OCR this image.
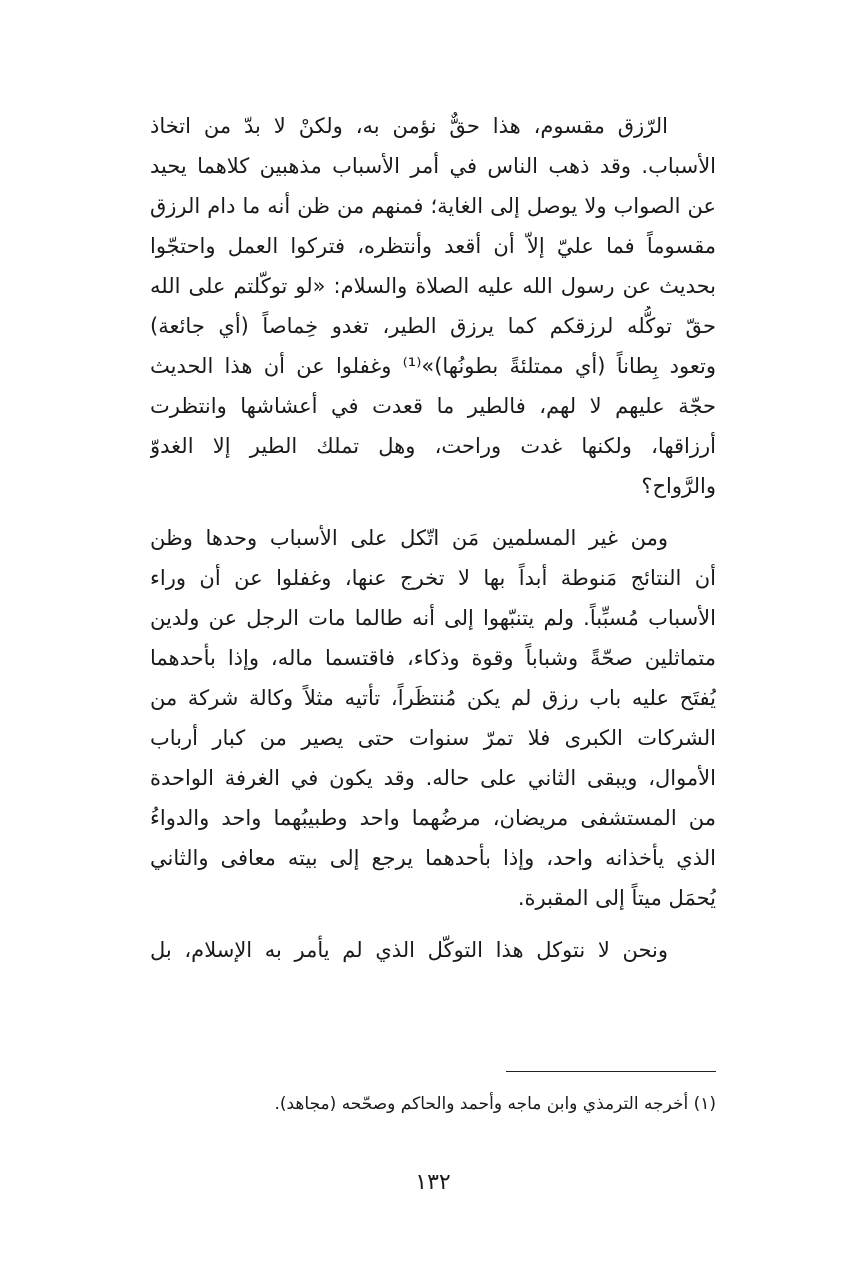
الرّزق مقسوم، هذا حقٌّ نؤمن به، ولكنْ لا بدّ من اتخاذ
الأسباب. وقد ذهب الناس في أمر الأسباب مذهبين كلاهما يحيد
عن الصواب ولا يوصل إلى الغاية؛ فمنهم من ظن أنه ما دام الرزق
مقسوماً فما عليّ إلاّ أن أقعد وأنتظره، فتركوا العمل واحتجّوا
بحديث عن رسول الله عليه الصلاة والسلام: «لو توكّلتم على الله
حقّ توكُّله لرزقكم كما يرزق الطير، تغدو خِماصاً (أي جائعة)
وتعود بِطاناً (أي ممتلئةً بطونُها)»⁽¹⁾ وغفلوا عن أن هذا الحديث
حجّة عليهم لا لهم، فالطير ما قعدت في أعشاشها وانتظرت
أرزاقها، ولكنها غدت وراحت، وهل تملك الطير إلا الغدوّ
والرَّواح؟

ومن غير المسلمين مَن اتّكل على الأسباب وحدها وظن
أن النتائج مَنوطة أبداً بها لا تخرج عنها، وغفلوا عن أن وراء
الأسباب مُسبِّباً. ولم يتنبّهوا إلى أنه طالما مات الرجل عن ولدين
متماثلين صحّةً وشباباً وقوة وذكاء، فاقتسما ماله، وإذا بأحدهما
يُفتَح عليه باب رزق لم يكن مُنتظَراً، تأتيه مثلاً وكالة شركة من
الشركات الكبرى فلا تمرّ سنوات حتى يصير من كبار أرباب
الأموال، ويبقى الثاني على حاله. وقد يكون في الغرفة الواحدة
من المستشفى مريضان، مرضُهما واحد وطبيبُهما واحد والدواءُ
الذي يأخذانه واحد، وإذا بأحدهما يرجع إلى بيته معافى والثاني
يُحمَل ميتاً إلى المقبرة.

ونحن لا نتوكل هذا التوكّل الذي لم يأمر به الإسلام، بل

(١) أخرجه الترمذي وابن ماجه وأحمد والحاكم وصحّحه (مجاهد).
١٣٢
